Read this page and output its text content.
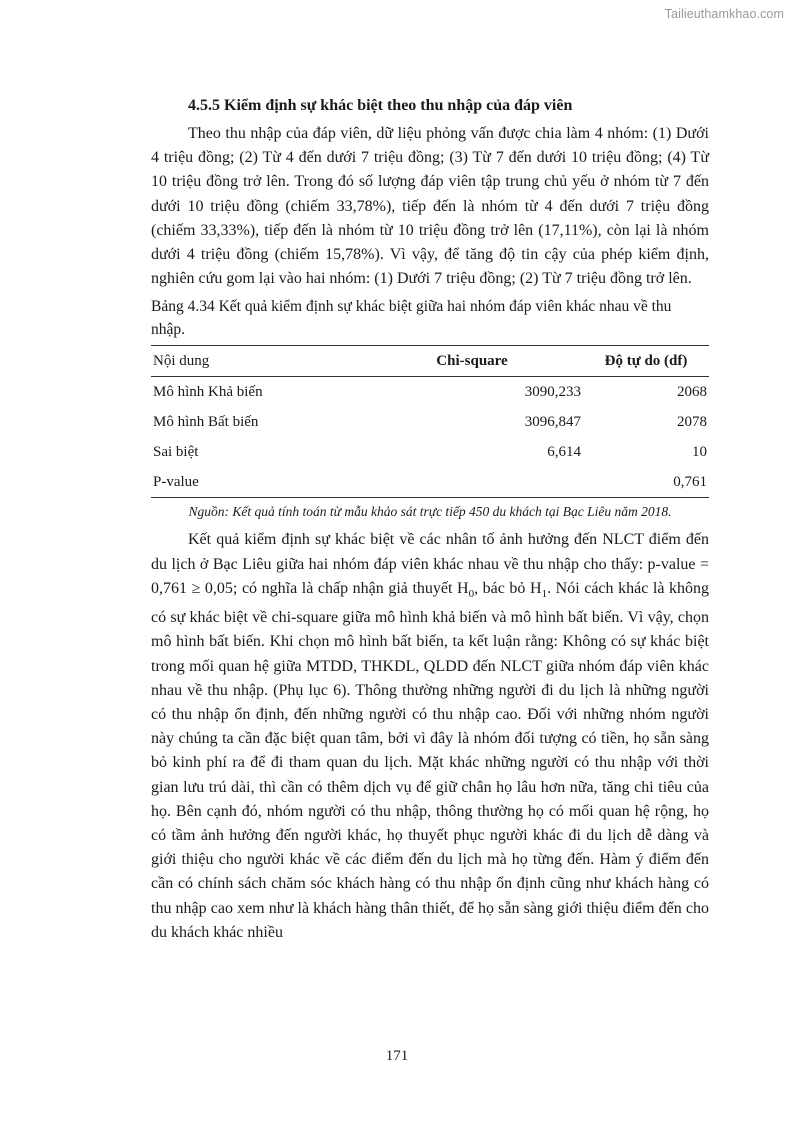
Tailieuthamkhao.com
4.5.5 Kiểm định sự khác biệt theo thu nhập của đáp viên

Theo thu nhập của đáp viên, dữ liệu phỏng vấn được chia làm 4 nhóm: (1) Dưới 4 triệu đồng; (2) Từ 4 đến dưới 7 triệu đồng; (3) Từ 7 đến dưới 10 triệu đồng; (4) Từ 10 triệu đồng trở lên. Trong đó số lượng đáp viên tập trung chủ yếu ở nhóm từ 7 đến dưới 10 triệu đồng (chiếm 33,78%), tiếp đến là nhóm từ 4 đến dưới 7 triệu đồng (chiếm 33,33%), tiếp đến là nhóm từ 10 triệu đồng trở lên (17,11%), còn lại là nhóm dưới 4 triệu đồng (chiếm 15,78%). Vì vậy, để tăng độ tin cậy của phép kiểm định, nghiên cứu gom lại vào hai nhóm: (1) Dưới 7 triệu đồng; (2) Từ 7 triệu đồng trở lên.

Bảng 4.34 Kết quả kiểm định sự khác biệt giữa hai nhóm đáp viên khác nhau về thu nhập.
Nội dung	Chi-square	Độ tự do (df)
Mô hình Khả biến	3090,233	2068
Mô hình Bất biến	3096,847	2078
Sai biệt	6,614	10
P-value		0,761
Nguồn: Kết quả tính toán từ mẫu khảo sát trực tiếp 450 du khách tại Bạc Liêu năm 2018.

Kết quả kiểm định sự khác biệt về các nhân tố ảnh hưởng đến NLCT điểm đến du lịch ở Bạc Liêu giữa hai nhóm đáp viên khác nhau về thu nhập cho thấy: p-value = 0,761 ≥ 0,05; có nghĩa là chấp nhận giả thuyết $H_0$, bác bỏ $H_1$. Nói cách khác là không có sự khác biệt về chi-square giữa mô hình khả biến và mô hình bất biến. Vì vậy, chọn mô hình bất biến. Khi chọn mô hình bất biến, ta kết luận rằng: Không có sự khác biệt trong mối quan hệ giữa MTDD, THKDL, QLDD đến NLCT giữa nhóm đáp viên khác nhau về thu nhập. (Phụ lục 6). Thông thường những người đi du lịch là những người có thu nhập ổn định, đến những người có thu nhập cao. Đối với những nhóm người này chúng ta cần đặc biệt quan tâm, bởi vì đây là nhóm đối tượng có tiền, họ sẵn sàng bỏ kinh phí ra để đi tham quan du lịch. Mặt khác những người có thu nhập với thời gian lưu trú dài, thì cần có thêm dịch vụ để giữ chân họ lâu hơn nữa, tăng chi tiêu của họ. Bên cạnh đó, nhóm người có thu nhập, thông thường họ có mối quan hệ rộng, họ có tầm ảnh hưởng đến người khác, họ thuyết phục người khác đi du lịch dễ dàng và giới thiệu cho người khác về các điểm đến du lịch mà họ từng đến. Hàm ý điểm đến cần có chính sách chăm sóc khách hàng có thu nhập ổn định cũng như khách hàng có thu nhập cao xem như là khách hàng thân thiết, để họ sẵn sàng giới thiệu điểm đến cho du khách khác nhiều

171
